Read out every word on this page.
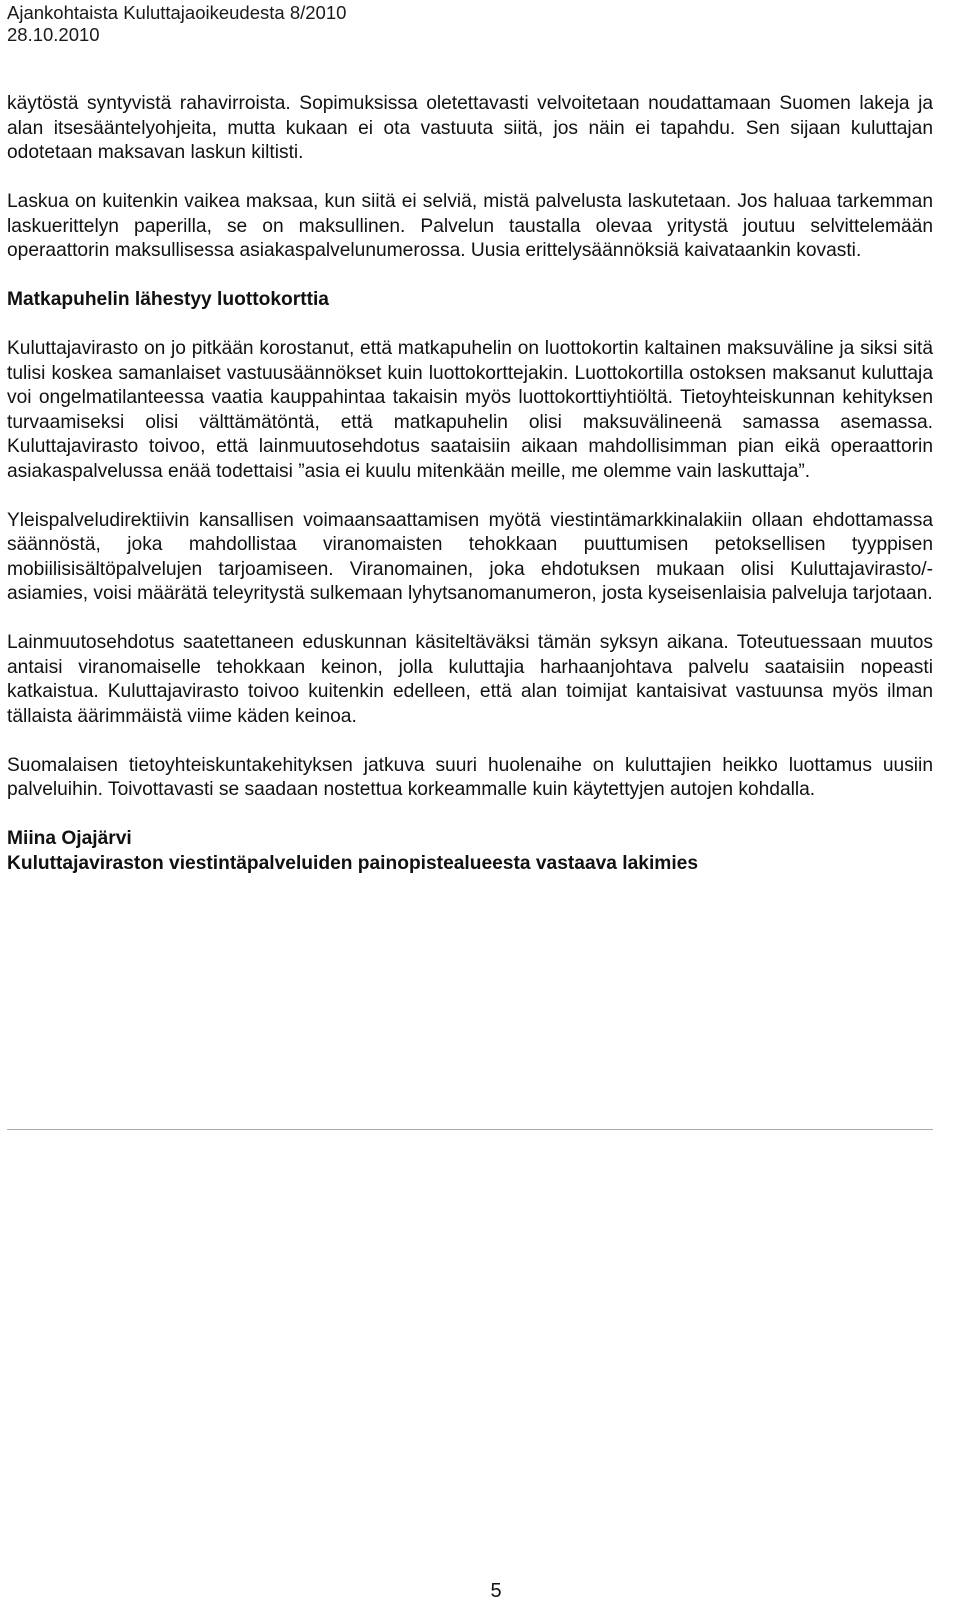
Ajankohtaista Kuluttajaoikeudesta 8/2010
28.10.2010

käytöstä syntyvistä rahavirroista. Sopimuksissa oletettavasti velvoitetaan noudattamaan Suomen lakeja ja alan itsesääntelyohjeita, mutta kukaan ei ota vastuuta siitä, jos näin ei tapahdu. Sen sijaan kuluttajan odotetaan maksavan laskun kiltisti.

Laskua on kuitenkin vaikea maksaa, kun siitä ei selviä, mistä palvelusta laskutetaan. Jos haluaa tarkemman laskuerittelyn paperilla, se on maksullinen. Palvelun taustalla olevaa yritystä joutuu selvittelemään operaattorin maksullisessa asiakaspalvelunumerossa. Uusia erittelysäännöksiä kaivataankin kovasti.

Matkapuhelin lähestyy luottokorttia

Kuluttajavirasto on jo pitkään korostanut, että matkapuhelin on luottokortin kaltainen maksuväline ja siksi sitä tulisi koskea samanlaiset vastuusäännökset kuin luottokorttejakin. Luottokortilla ostoksen maksanut kuluttaja voi ongelmatilanteessa vaatia kauppahintaa takaisin myös luottokorttiyhtiöltä. Tietoyhteiskunnan kehityksen turvaamiseksi olisi välttämätöntä, että matkapuhelin olisi maksuvälineenä samassa asemassa. Kuluttajavirasto toivoo, että lainmuutosehdotus saataisiin aikaan mahdollisimman pian eikä operaattorin asiakaspalvelussa enää todettaisi ”asia ei kuulu mitenkään meille, me olemme vain laskuttaja”.

Yleispalveludirektiivin kansallisen voimaansaattamisen myötä viestintämarkkinalakiin ollaan ehdottamassa säännöstä, joka mahdollistaa viranomaisten tehokkaan puuttumisen petoksellisen tyyppisen mobiilisisältöpalvelujen tarjoamiseen. Viranomainen, joka ehdotuksen mukaan olisi Kuluttajavirasto/-asiamies, voisi määrätä teleyritystä sulkemaan lyhytsanomanumeron, josta kyseisenlaisia palveluja tarjotaan.

Lainmuutosehdotus saatettaneen eduskunnan käsiteltäväksi tämän syksyn aikana. Toteutuessaan muutos antaisi viranomaiselle tehokkaan keinon, jolla kuluttajia harhaanjohtava palvelu saataisiin nopeasti katkaistua. Kuluttajavirasto toivoo kuitenkin edelleen, että alan toimijat kantaisivat vastuunsa myös ilman tällaista äärimmäistä viime käden keinoa.

Suomalaisen tietoyhteiskuntakehityksen jatkuva suuri huolenaihe on kuluttajien heikko luottamus uusiin palveluihin. Toivottavasti se saadaan nostettua korkeammalle kuin käytettyjen autojen kohdalla.

Miina Ojajärvi
Kuluttajaviraston viestintäpalveluiden painopistealueesta vastaava lakimies
5
